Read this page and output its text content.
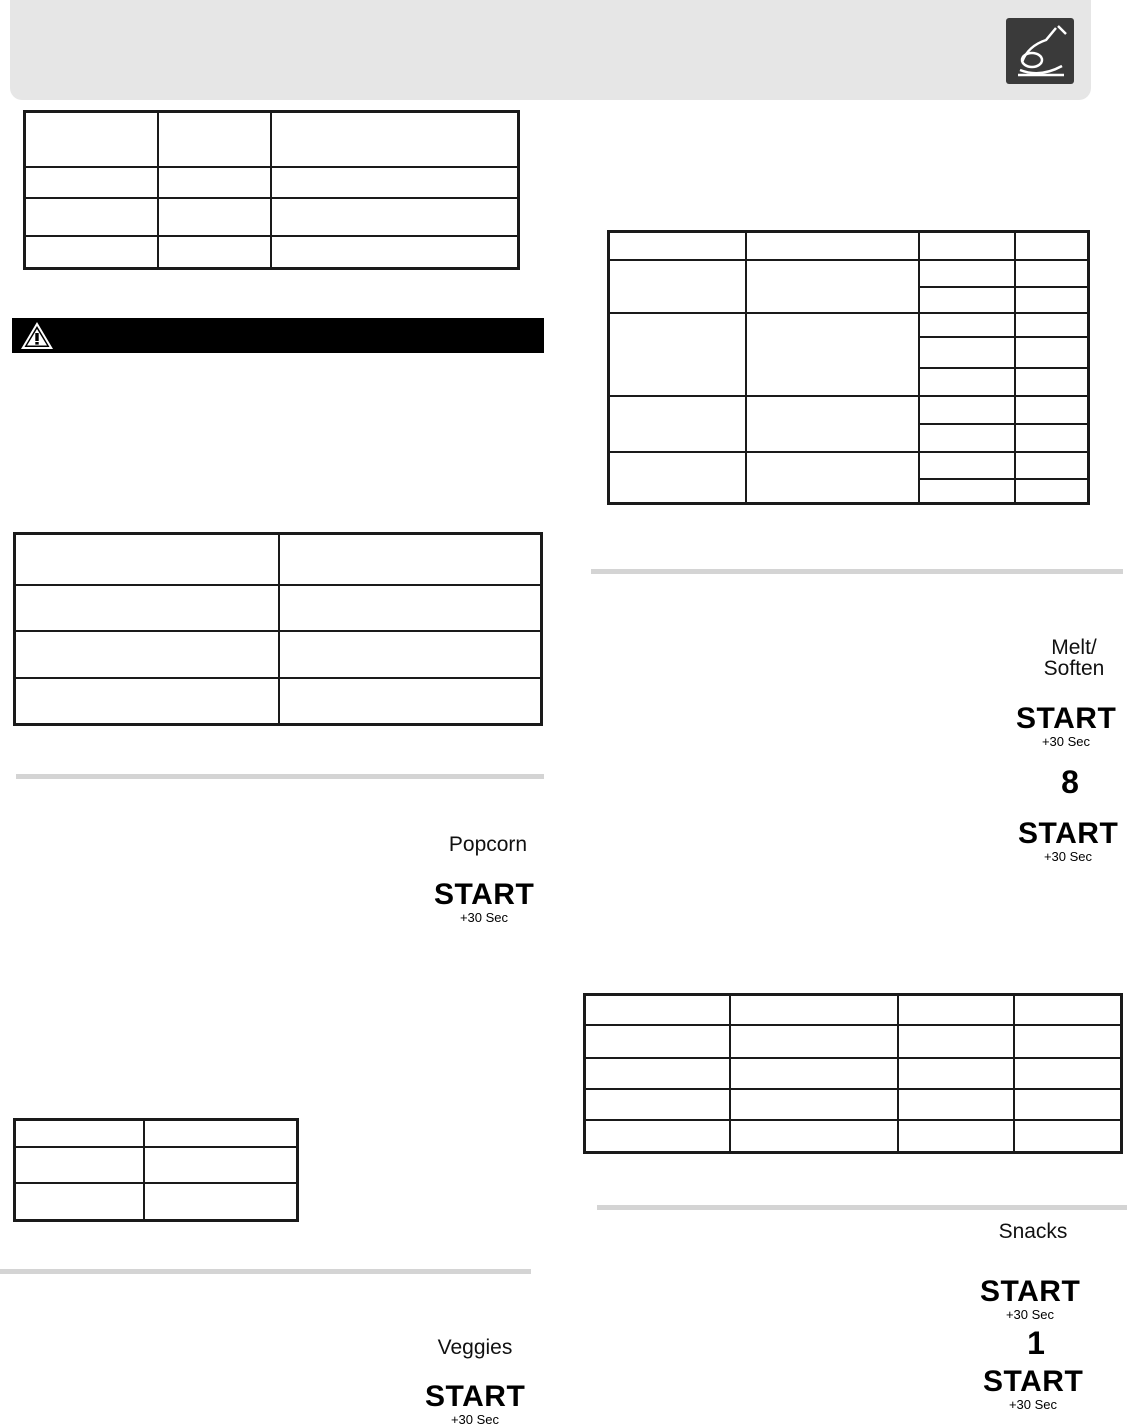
Popcorn
START
+30 Sec

Veggies
START
+30 Sec

Melt/
Soften
START
+30 Sec
8
START
+30 Sec

Snacks
START
+30 Sec
1
START
+30 Sec
